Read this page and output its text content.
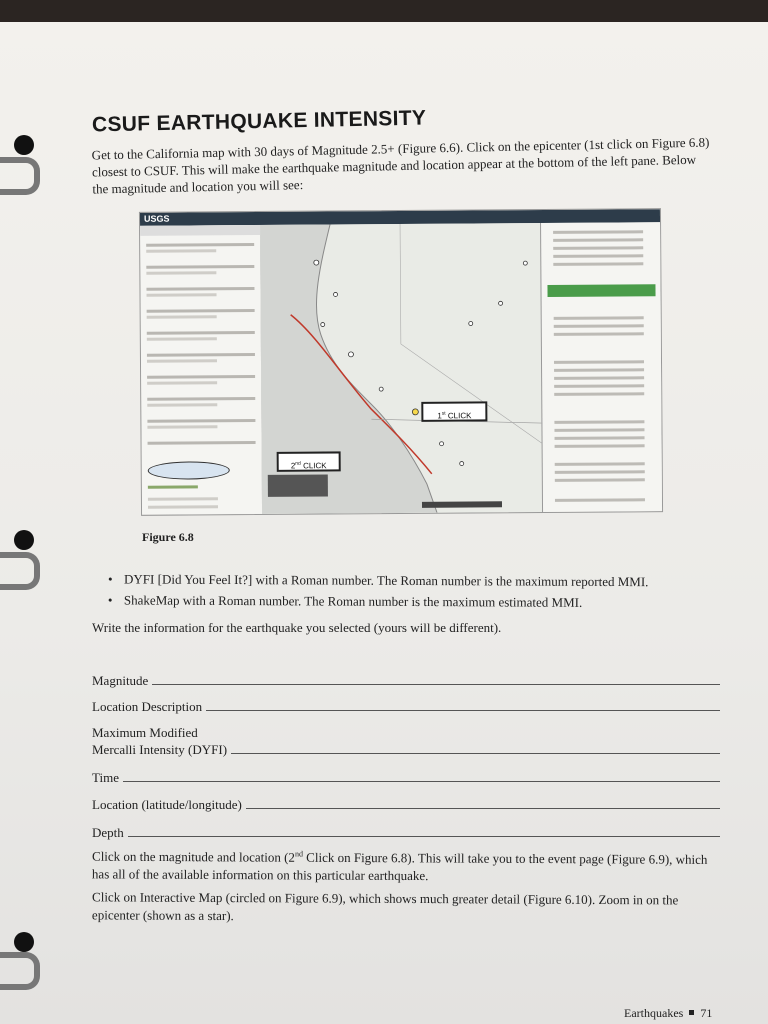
CSUF EARTHQUAKE INTENSITY

Get to the California map with 30 days of Magnitude 2.5+ (Figure 6.6). Click on the epicenter (1st click on Figure 6.8) closest to CSUF. This will make the earthquake magnitude and location appear at the bottom of the left pane. Below the magnitude and location you will see:

USGS

1st CLICK
2nd CLICK

Figure 6.8

• DYFI [Did You Feel It?] with a Roman number. The Roman number is the maximum reported MMI.
• ShakeMap with a Roman number. The Roman number is the maximum estimated MMI.

Write the information for the earthquake you selected (yours will be different).

Magnitude
Location Description
Maximum Modified
Mercalli Intensity (DYFI)
Time
Location (latitude/longitude)
Depth

Click on the magnitude and location (2nd Click on Figure 6.8). This will take you to the event page (Figure 6.9), which has all of the available information on this particular earthquake.

Click on Interactive Map (circled on Figure 6.9), which shows much greater detail (Figure 6.10). Zoom in on the epicenter (shown as a star).

Earthquakes 71
